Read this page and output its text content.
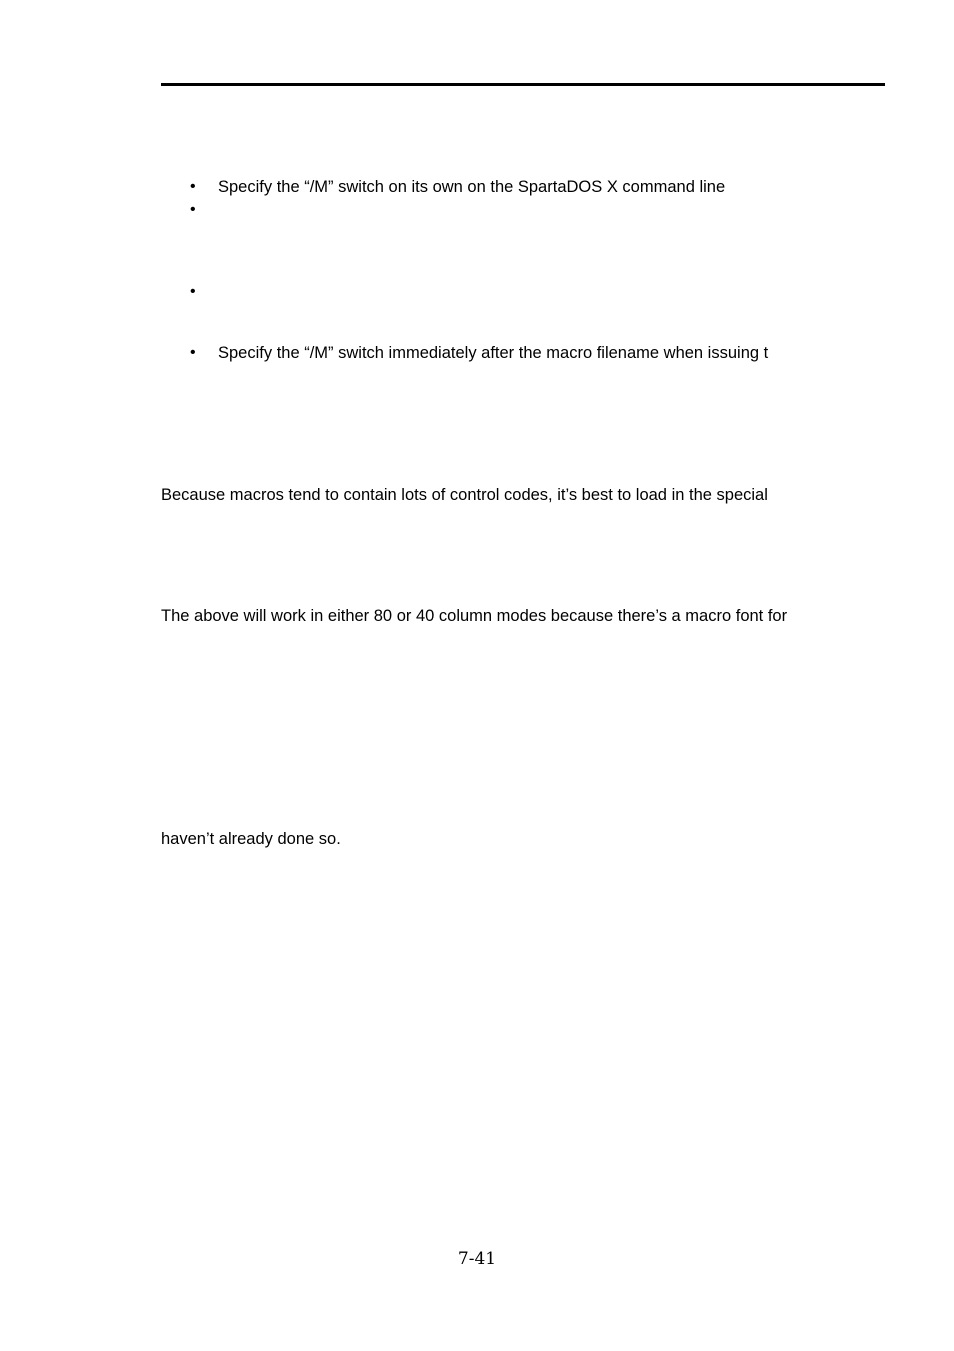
• Specify the “/M” switch on its own on the SpartaDOS X command line
•
•
• Specify the “/M” switch immediately after the macro filename when issuing t
Because macros tend to contain lots of control codes, it’s best to load in the special
The above will work in either 80 or 40 column modes because there’s a macro font for
haven’t already done so.
7-41
